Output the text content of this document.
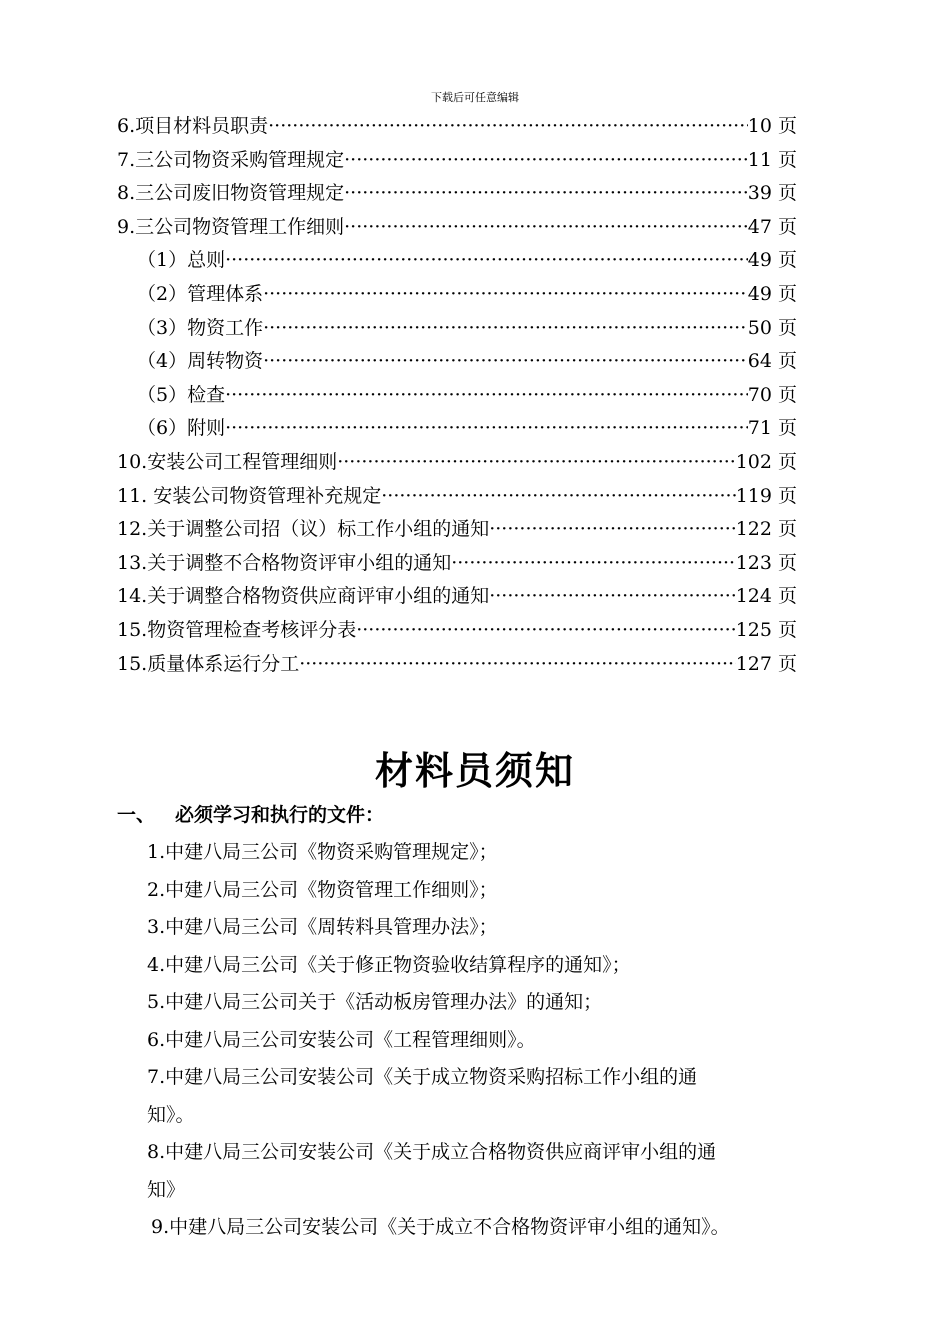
下载后可任意编辑
6.项目材料员职责 ·····	10 页
7.三公司物资采购管理规定 ·····	11 页
8.三公司废旧物资管理规定 ·····	39 页
9.三公司物资管理工作细则 ·····	47 页
（1）总则 ·····	49 页
（2）管理体系 ·····	49 页
（3）物资工作 ·····	50 页
（4）周转物资 ·····	64 页
（5）检查 ·····	70 页
（6）附则 ·····	71 页
10.安装公司工程管理细则 ·····	102 页
11. 安装公司物资管理补充规定 ·····	119 页
12.关于调整公司招（议）标工作小组的通知 ·····	122 页
13.关于调整不合格物资评审小组的通知 ·····	123 页
14.关于调整合格物资供应商评审小组的通知 ·····	124 页
15.物资管理检查考核评分表 ·····	125 页
15.质量体系运行分工 ·····	127 页
材料员须知
一、 必须学习和执行的文件：
1.中建八局三公司《物资采购管理规定》；
2.中建八局三公司《物资管理工作细则》；
3.中建八局三公司《周转料具管理办法》；
4.中建八局三公司《关于修正物资验收结算程序的通知》；
5.中建八局三公司关于《活动板房管理办法》的通知；
6.中建八局三公司安装公司《工程管理细则》。
7.中建八局三公司安装公司《关于成立物资采购招标工作小组的通
知》。
8.中建八局三公司安装公司《关于成立合格物资供应商评审小组的通
知》
9.中建八局三公司安装公司《关于成立不合格物资评审小组的通知》。
